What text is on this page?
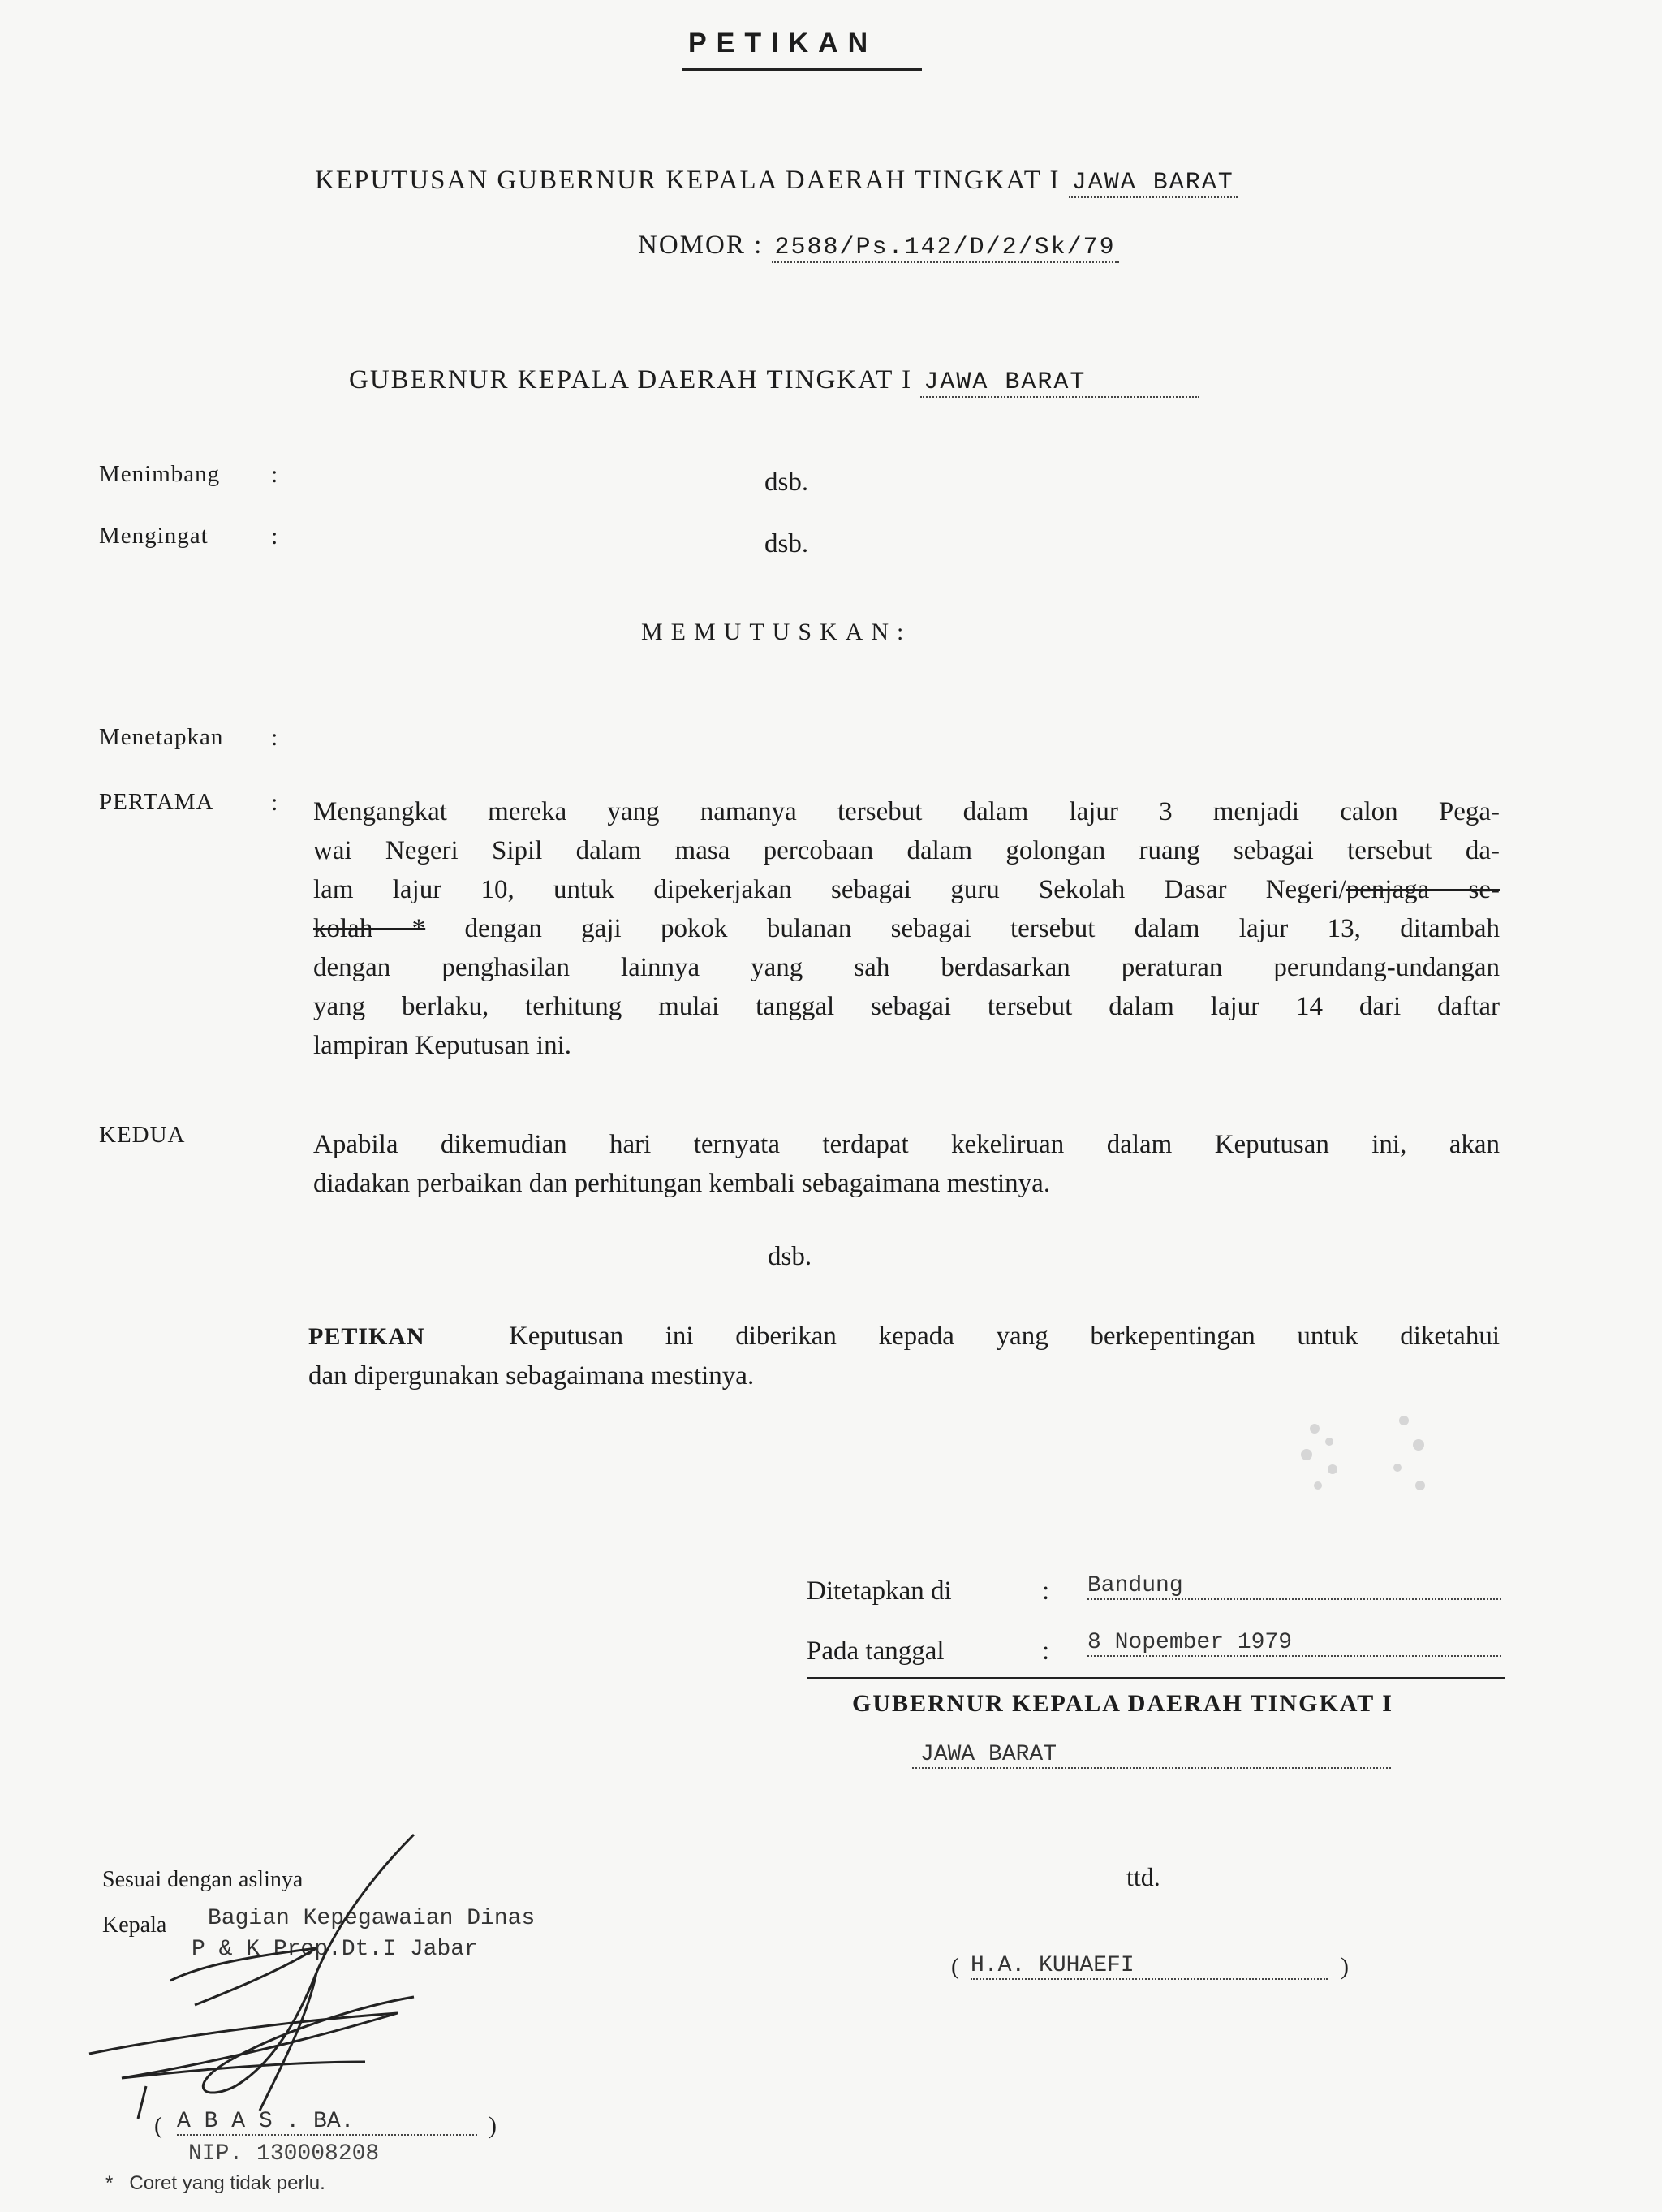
PETIKAN
KEPUTUSAN GUBERNUR KEPALA DAERAH TINGKAT I JAWA BARAT
NOMOR : 2588/Ps.142/D/2/Sk/79
GUBERNUR KEPALA DAERAH TINGKAT I JAWA BARAT
Menimbang :	dsb.
Mengingat	:	dsb.
MEMUTUSKAN:
Menetapkan :
PERTAMA : Mengangkat mereka yang namanya tersebut dalam lajur 3 menjadi calon Pega-
wai Negeri Sipil dalam masa percobaan dalam golongan ruang sebagai tersebut da-
lam lajur 10, untuk dipekerjakan sebagai guru Sekolah Dasar Negeri/penjaga se-
kolah * dengan gaji pokok bulanan sebagai tersebut dalam lajur 13, ditambah
dengan penghasilan lainnya yang sah berdasarkan peraturan perundang-undangan
yang berlaku, terhitung mulai tanggal sebagai tersebut dalam lajur 14 dari daftar
lampiran Keputusan ini.
KEDUA	Apabila dikemudian hari ternyata terdapat kekeliruan dalam Keputusan ini, akan
diadakan perbaikan dan perhitungan kembali sebagaimana mestinya.
dsb.
PETIKAN	Keputusan ini diberikan kepada yang berkepentingan untuk diketahui
dan dipergunakan sebagaimana mestinya.
Ditetapkan di	: Bandung
Pada tanggal	: 8 Nopember 1979
GUBERNUR KEPALA DAERAH TINGKAT I
JAWA BARAT
ttd.
( H.A. KUHAEFI	)
Sesuai dengan aslinya
Kepala Bagian Kepegawaian Dinas
P & K Prop.Dt.I Jabar
( A B A S . BA.	)
NIP. 130008208
* Coret yang tidak perlu.
